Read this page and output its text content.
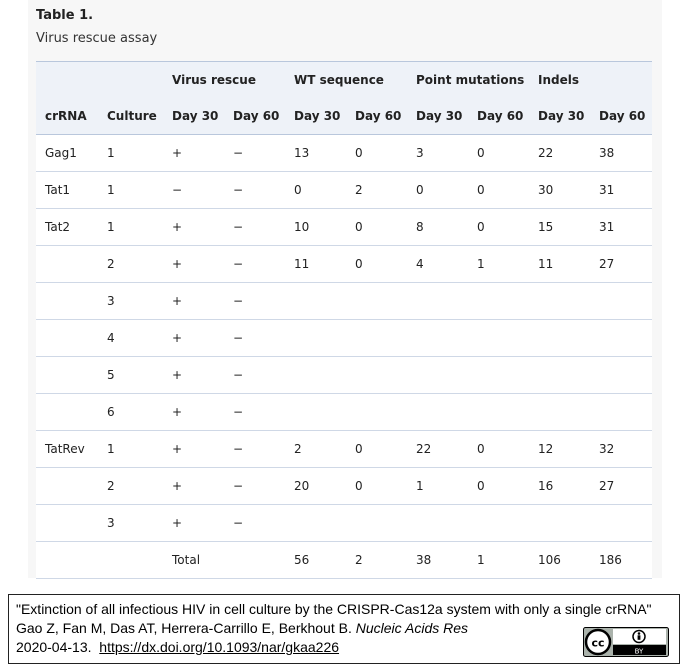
Table 1.
Virus rescue assay
		Virus rescue		WT sequence		Point mutations		Indels	
crRNA	Culture	Day 30	Day 60	Day 30	Day 60	Day 30	Day 60	Day 30	Day 60
Gag1	1	+	−	13	0	3	0	22	38
Tat1	1	−	−	0	2	0	0	30	31
Tat2	1	+	−	10	0	8	0	15	31
	2	+	−	11	0	4	1	11	27
	3	+	−						
	4	+	−						
	5	+	−						
	6	+	−						
TatRev	1	+	−	2	0	22	0	12	32
	2	+	−	20	0	1	0	16	27
	3	+	−						
		Total		56	2	38	1	106	186
"Extinction of all infectious HIV in cell culture by the CRISPR-Cas12a system with only a single crRNA" Gao Z, Fan M, Das AT, Herrera-Carrillo E, Berkhout B. Nucleic Acids Res
2020-04-13. https://dx.doi.org/10.1093/nar/gkaa226	cc
BY
